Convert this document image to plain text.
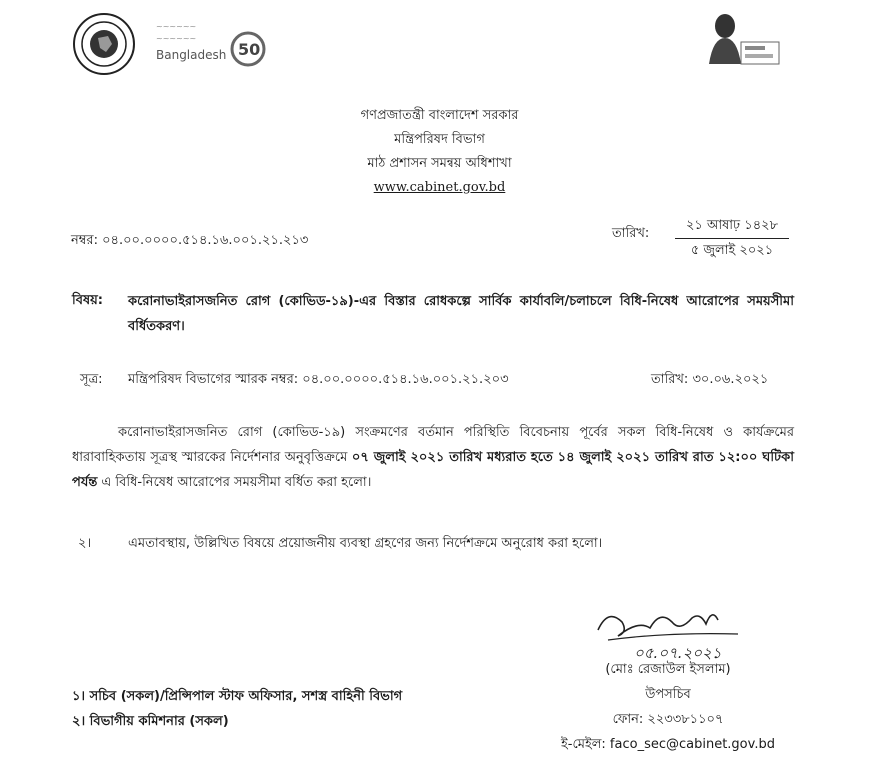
~~~~~~
~~~~~~
Bangladesh 50
গণপ্রজাতন্ত্রী বাংলাদেশ সরকার
মন্ত্রিপরিষদ বিভাগ
মাঠ প্রশাসন সমন্বয় অধিশাখা
www.cabinet.gov.bd
নম্বর: ০৪.০০.০০০০.৫১৪.১৬.০০১.২১.২১৩	তারিখ:
২১ আষাঢ় ১৪২৮
৫ জুলাই ২০২১
বিষয়: করোনাভাইরাসজনিত রোগ (কোভিড-১৯)-এর বিস্তার রোধকল্পে সার্বিক কার্যাবলি/চলাচলে বিধি-নিষেধ আরোপের সময়সীমা বর্ধিতকরণ।
সূত্র: মন্ত্রিপরিষদ বিভাগের স্মারক নম্বর: ০৪.০০.০০০০.৫১৪.১৬.০০১.২১.২০৩	তারিখ: ৩০.০৬.২০২১
করোনাভাইরাসজনিত রোগ (কোভিড-১৯) সংক্রমণের বর্তমান পরিস্থিতি বিবেচনায় পূর্বের সকল বিধি-নিষেধ ও কার্যক্রমের ধারাবাহিকতায় সূত্রস্থ স্মারকের নির্দেশনার অনুবৃত্তিক্রমে ০৭ জুলাই ২০২১ তারিখ মধ্যরাত হতে ১৪ জুলাই ২০২১ তারিখ রাত ১২:০০ ঘটিকা পর্যন্ত এ বিধি-নিষেধ আরোপের সময়সীমা বর্ধিত করা হলো।
২।	এমতাবস্থায়, উল্লিখিত বিষয়ে প্রয়োজনীয় ব্যবস্থা গ্রহণের জন্য নির্দেশক্রমে অনুরোধ করা হলো।
০৫.০৭.২০২১
(মোঃ রেজাউল ইসলাম)
উপসচিব
ফোন: ২২৩৩৮১১০৭
ই-মেইল: faco_sec@cabinet.gov.bd
১। সচিব (সকল)/প্রিন্সিপাল স্টাফ অফিসার, সশস্ত্র বাহিনী বিভাগ
২। বিভাগীয় কমিশনার (সকল)
